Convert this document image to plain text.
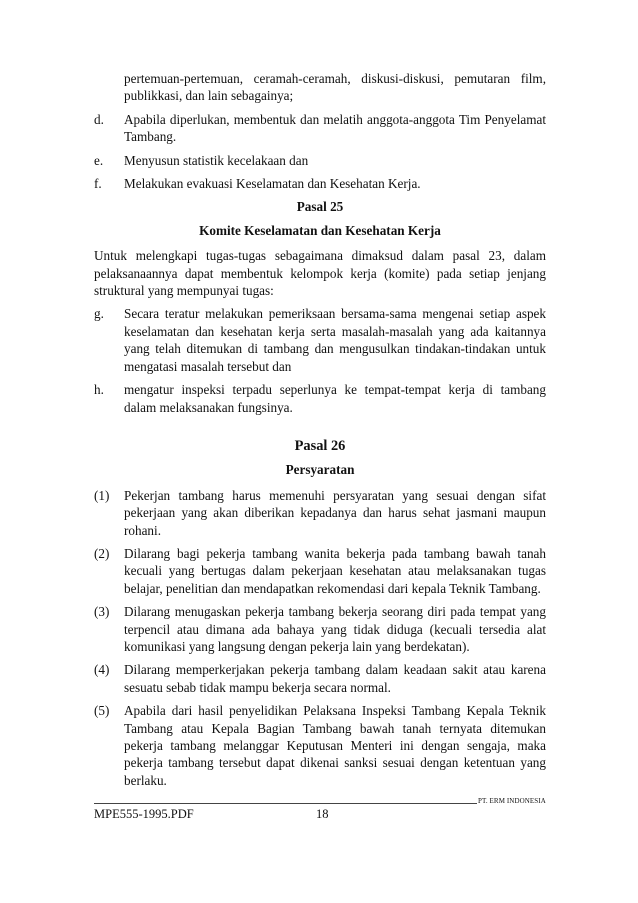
pertemuan-pertemuan, ceramah-ceramah, diskusi-diskusi, pemutaran film, publikkasi, dan lain sebagainya;
d.	Apabila diperlukan, membentuk dan melatih anggota-anggota Tim Penyelamat Tambang.
e.	Menyusun statistik kecelakaan dan
f.	Melakukan evakuasi Keselamatan dan Kesehatan Kerja.
Pasal 25
Komite Keselamatan dan Kesehatan Kerja
Untuk melengkapi tugas-tugas sebagaimana dimaksud dalam pasal 23, dalam pelaksanaannya dapat membentuk kelompok kerja (komite) pada setiap jenjang struktural yang mempunyai tugas:
g.	Secara teratur melakukan pemeriksaan bersama-sama mengenai setiap aspek keselamatan dan kesehatan kerja serta masalah-masalah yang ada kaitannya yang telah ditemukan di tambang dan mengusulkan tindakan-tindakan untuk mengatasi masalah tersebut dan
h.	mengatur inspeksi terpadu seperlunya ke tempat-tempat kerja di tambang dalam melaksanakan fungsinya.
Pasal 26
Persyaratan
(1)	Pekerjan tambang harus memenuhi persyaratan yang sesuai dengan sifat pekerjaan yang akan diberikan kepadanya dan harus sehat jasmani maupun rohani.
(2)	Dilarang bagi pekerja tambang wanita bekerja pada tambang bawah tanah kecuali yang bertugas dalam pekerjaan kesehatan atau melaksanakan tugas belajar, penelitian dan mendapatkan rekomendasi dari kepala Teknik Tambang.
(3)	Dilarang menugaskan pekerja tambang bekerja seorang diri pada tempat yang terpencil atau dimana ada bahaya yang tidak diduga (kecuali tersedia alat komunikasi yang langsung dengan pekerja lain yang berdekatan).
(4)	Dilarang memperkerjakan pekerja tambang dalam keadaan sakit atau karena sesuatu sebab tidak mampu bekerja secara normal.
(5)	Apabila dari hasil penyelidikan Pelaksana Inspeksi Tambang Kepala Teknik Tambang atau Kepala Bagian Tambang bawah tanah ternyata ditemukan pekerja tambang melanggar Keputusan Menteri ini dengan sengaja, maka pekerja tambang tersebut dapat dikenai sanksi sesuai dengan ketentuan yang berlaku.
PT. ERM INDONESIA
MPE555-1995.PDF	18
